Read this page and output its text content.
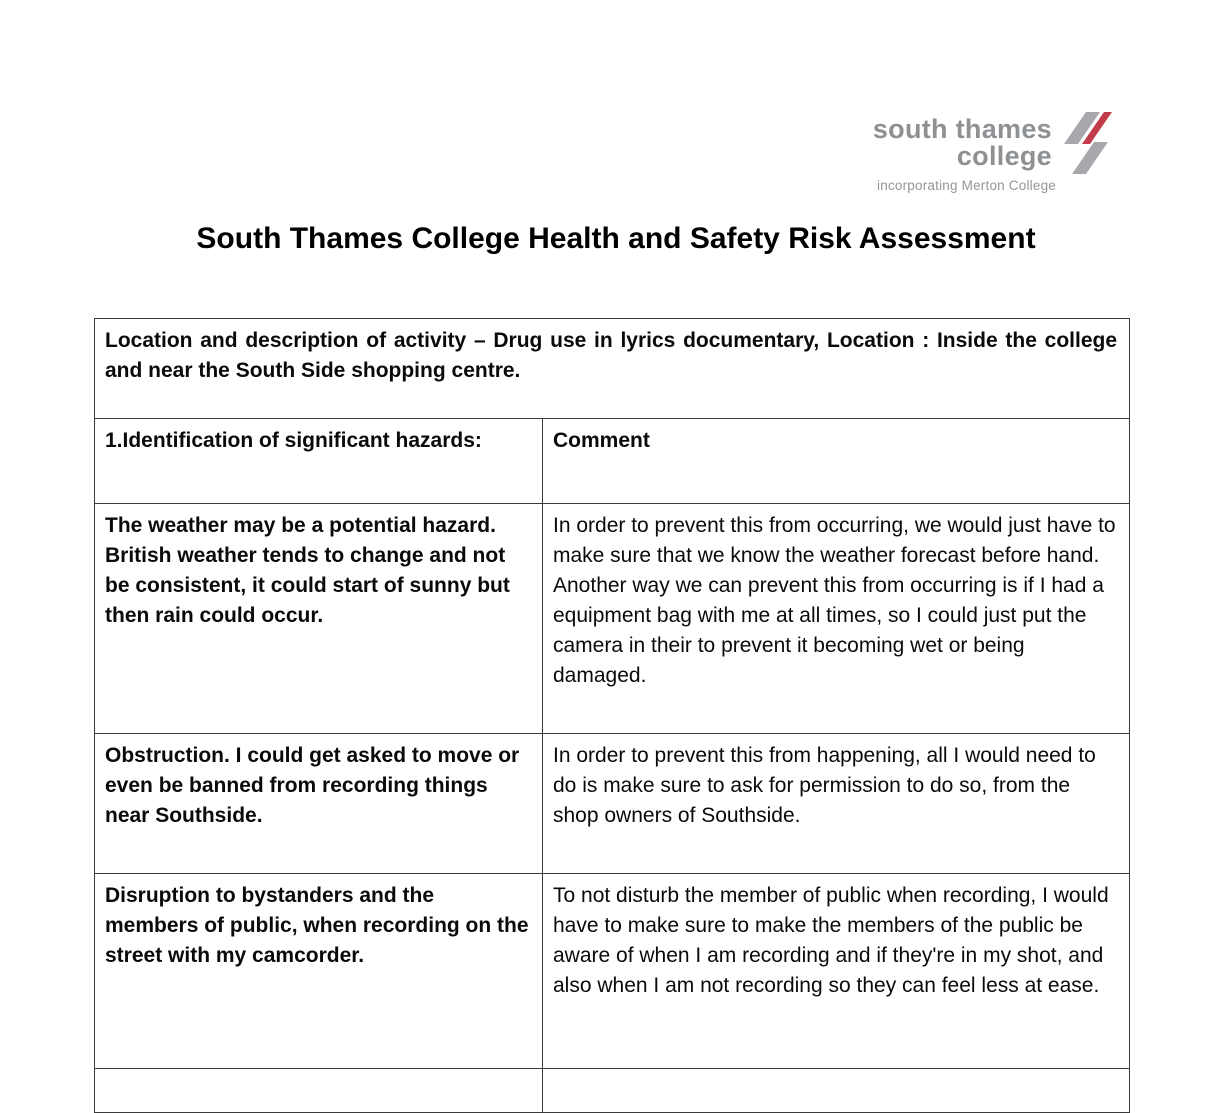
south thames
college
incorporating Merton College
South Thames College Health and Safety Risk Assessment
Location and description of activity – Drug use in lyrics documentary, Location : Inside the college and near the South Side shopping centre.	
1.Identification of significant hazards:	Comment
The weather may be a potential hazard. British weather tends to change and not be consistent, it could start of sunny but then rain could occur.	In order to prevent this from occurring, we would just have to make sure that we know the weather forecast before hand. Another way we can prevent this from occurring is if I had a equipment bag with me at all times, so I could just put the camera in their to prevent it becoming wet or being damaged.
Obstruction. I could get asked to move or even be banned from recording things near Southside.	In order to prevent this from happening, all I would need to do is make sure to ask for permission to do so, from the shop owners of Southside.
Disruption to bystanders and the members of public, when recording on the street with my camcorder.	To not disturb the member of public when recording, I would have to make sure to make the members of the public be aware of when I am recording and if they're in my shot, and also when I am not recording so they can feel less at ease.
